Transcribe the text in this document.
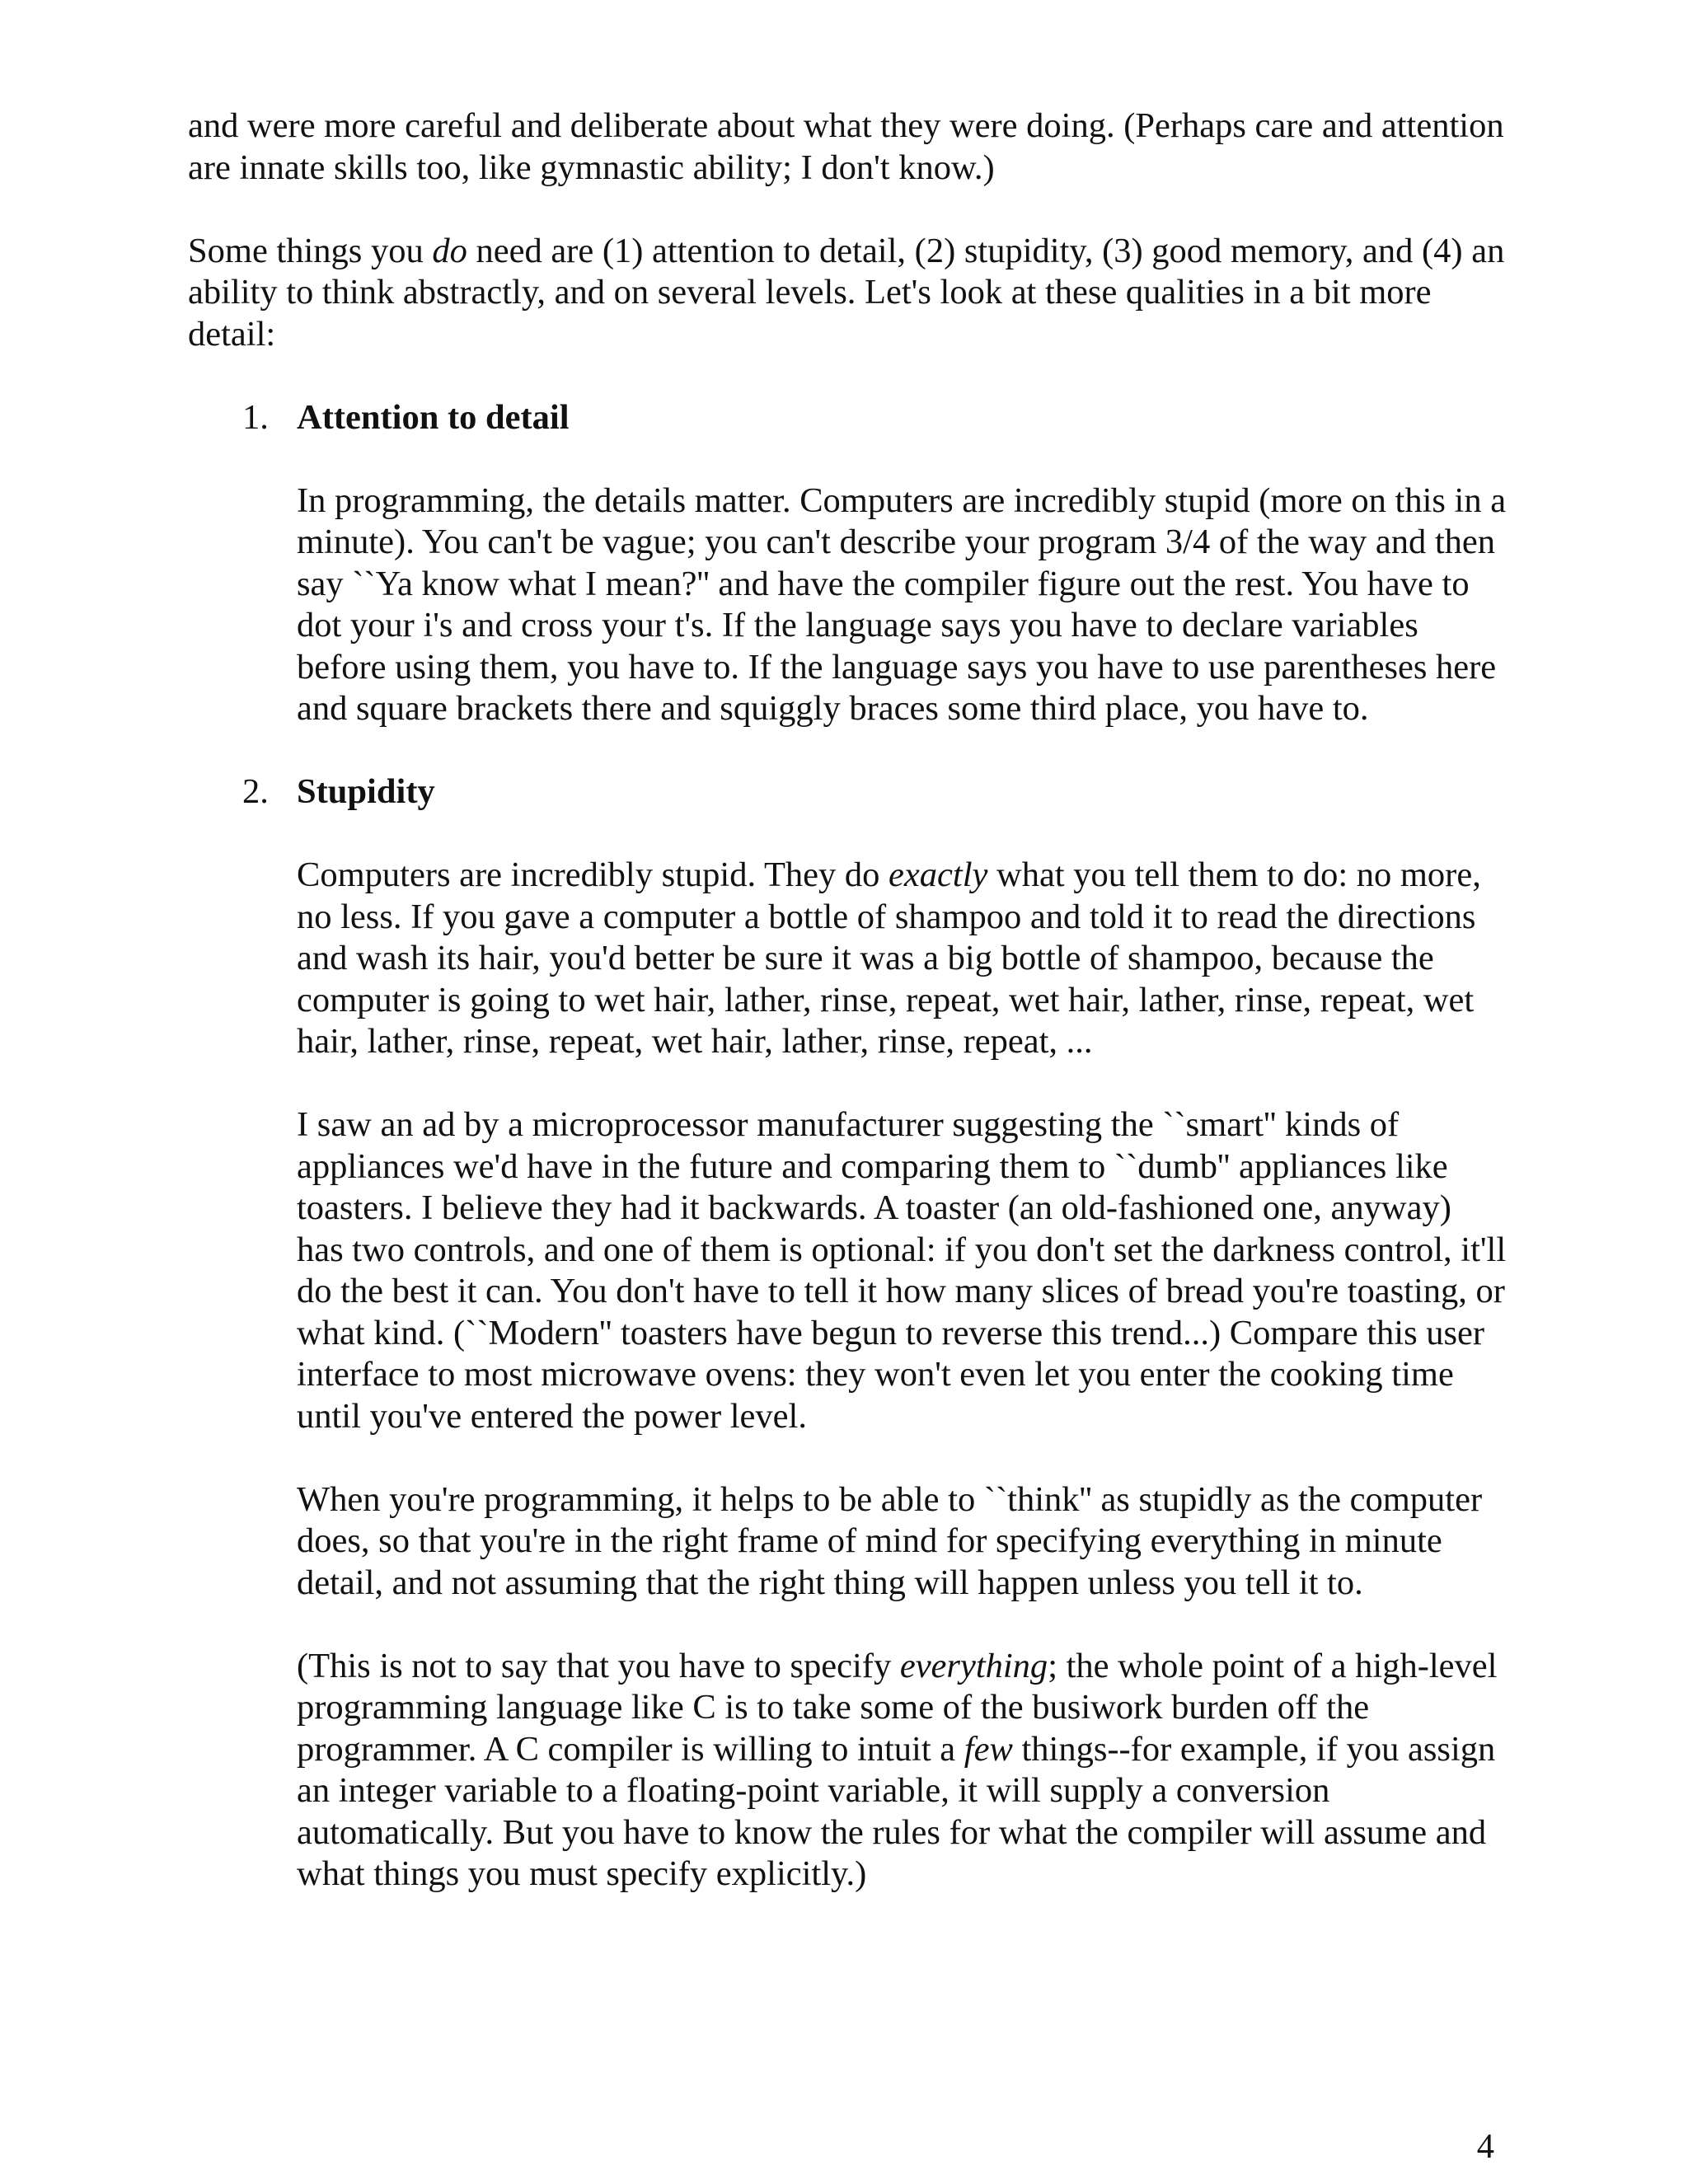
and were more careful and deliberate about what they were doing. (Perhaps care and attention are innate skills too, like gymnastic ability; I don't know.)

Some things you do need are (1) attention to detail, (2) stupidity, (3) good memory, and (4) an ability to think abstractly, and on several levels. Let's look at these qualities in a bit more detail:

1. Attention to detail

In programming, the details matter. Computers are incredibly stupid (more on this in a minute). You can't be vague; you can't describe your program 3/4 of the way and then say ``Ya know what I mean?'' and have the compiler figure out the rest. You have to dot your i's and cross your t's. If the language says you have to declare variables before using them, you have to. If the language says you have to use parentheses here and square brackets there and squiggly braces some third place, you have to.

2. Stupidity

Computers are incredibly stupid. They do exactly what you tell them to do: no more, no less. If you gave a computer a bottle of shampoo and told it to read the directions and wash its hair, you'd better be sure it was a big bottle of shampoo, because the computer is going to wet hair, lather, rinse, repeat, wet hair, lather, rinse, repeat, wet hair, lather, rinse, repeat, wet hair, lather, rinse, repeat, ...

I saw an ad by a microprocessor manufacturer suggesting the ``smart'' kinds of appliances we'd have in the future and comparing them to ``dumb'' appliances like toasters. I believe they had it backwards. A toaster (an old-fashioned one, anyway) has two controls, and one of them is optional: if you don't set the darkness control, it'll do the best it can. You don't have to tell it how many slices of bread you're toasting, or what kind. (``Modern'' toasters have begun to reverse this trend...) Compare this user interface to most microwave ovens: they won't even let you enter the cooking time until you've entered the power level.

When you're programming, it helps to be able to ``think'' as stupidly as the computer does, so that you're in the right frame of mind for specifying everything in minute detail, and not assuming that the right thing will happen unless you tell it to.

(This is not to say that you have to specify everything; the whole point of a high-level programming language like C is to take some of the busiwork burden off the programmer. A C compiler is willing to intuit a few things--for example, if you assign an integer variable to a floating-point variable, it will supply a conversion automatically. But you have to know the rules for what the compiler will assume and what things you must specify explicitly.)

4
